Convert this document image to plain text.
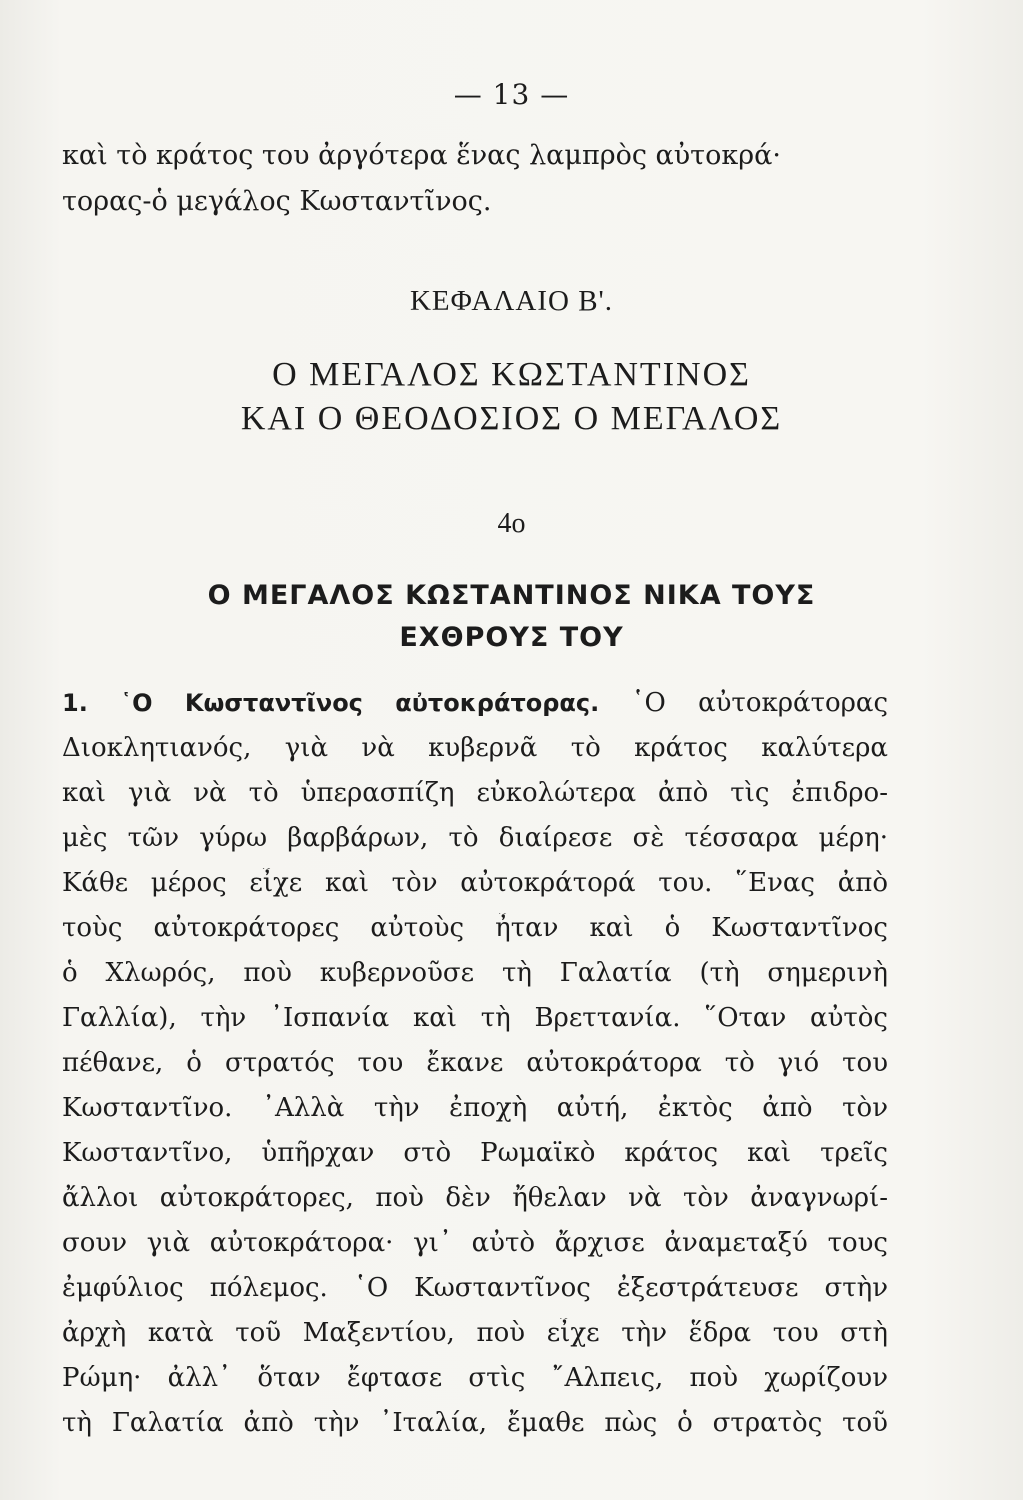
— 13 —
καὶ τὸ κράτος του ἀργότερα ἕνας λαμπρὸς αὐτοκρά·
τορας-ὁ μεγάλος Κωσταντῖνος.
ΚΕΦΑΛΑΙΟ Β'.
Ο ΜΕΓΑΛΟΣ ΚΩΣΤΑΝΤΙΝΟΣ
ΚΑΙ Ο ΘΕΟΔΟΣΙΟΣ Ο ΜΕΓΑΛΟΣ
4ο
Ο ΜΕΓΑΛΟΣ ΚΩΣΤΑΝΤΙΝΟΣ ΝΙΚΑ ΤΟΥΣ
ΕΧΘΡΟΥΣ ΤΟΥ
1. ῾Ο Κωσταντῖνος αὐτοκράτορας. ῾Ο αὐτοκράτορας
Διοκλητιανός, γιὰ νὰ κυβερνᾶ τὸ κράτος καλύτερα
καὶ γιὰ νὰ τὸ ὑπερασπίζη εὐκολώτερα ἀπὸ τὶς ἐπιδρο-
μὲς τῶν γύρω βαρβάρων, τὸ διαίρεσε σὲ τέσσαρα μέρη·
Κάθε μέρος εἶχε καὶ τὸν αὐτοκράτορά του. ῞Ενας ἀπὸ
τοὺς αὐτοκράτορες αὐτοὺς ἦταν καὶ ὁ Κωσταντῖνος
ὁ Χλωρός, ποὺ κυβερνοῦσε τὴ Γαλατία (τὴ σημερινὴ
Γαλλία), τὴν ᾽Ισπανία καὶ τὴ Βρεττανία. ῞Οταν αὐτὸς
πέθανε, ὁ στρατός του ἔκανε αὐτοκράτορα τὸ γιό του
Κωσταντῖνο. ᾽Αλλὰ τὴν ἐποχὴ αὐτή, ἐκτὸς ἀπὸ τὸν
Κωσταντῖνο, ὑπῆρχαν στὸ Ρωμαϊκὸ κράτος καὶ τρεῖς
ἄλλοι αὐτοκράτορες, ποὺ δὲν ἤθελαν νὰ τὸν ἀναγνωρί-
σουν γιὰ αὐτοκράτορα· γι᾽ αὐτὸ ἄρχισε ἀναμεταξύ τους
ἐμφύλιος πόλεμος. ῾Ο Κωσταντῖνος ἐξεστράτευσε στὴν
ἀρχὴ κατὰ τοῦ Μαξεντίου, ποὺ εἶχε τὴν ἕδρα του στὴ
Ρώμη· ἀλλ᾽ ὅταν ἔφτασε στὶς ῎Αλπεις, ποὺ χωρίζουν
τὴ Γαλατία ἀπὸ τὴν ᾽Ιταλία, ἔμαθε πὼς ὁ στρατὸς τοῦ
